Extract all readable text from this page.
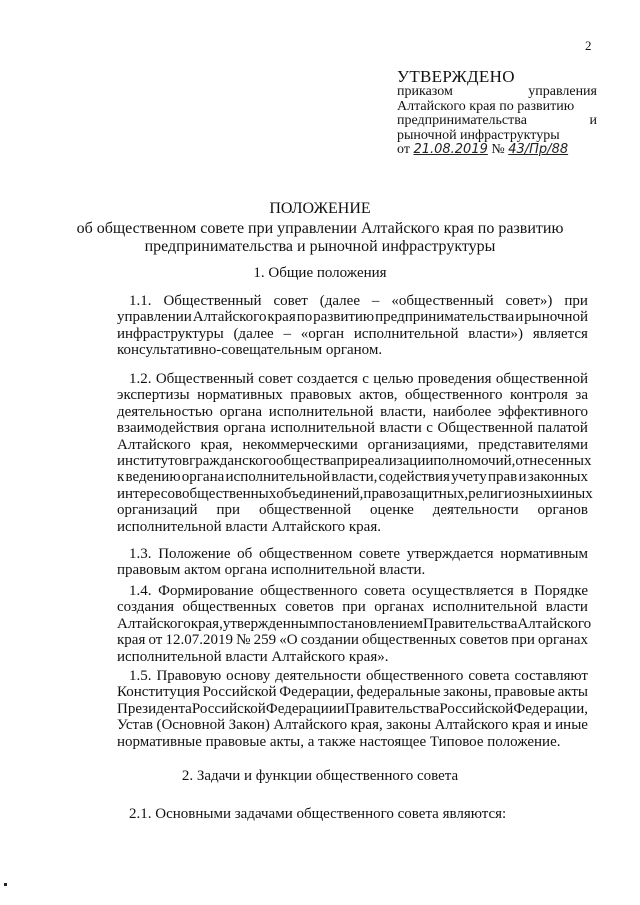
2
УТВЕРЖДЕНО
приказом	управления
Алтайского края по развитию
предпринимательства	и
рыночной инфраструктуры
от 21.08.2019 № 43/Пр/88
ПОЛОЖЕНИЕ
об общественном совете при управлении Алтайского края по развитию
предпринимательства и рыночной инфраструктуры
1. Общие положения
1.1. Общественный совет (далее – «общественный совет») при
управлении Алтайского края по развитию предпринимательства и рыночной
инфраструктуры (далее – «орган исполнительной власти») является
консультативно-совещательным органом.
1.2. Общественный совет создается с целью проведения общественной
экспертизы нормативных правовых актов, общественного контроля за
деятельностью органа исполнительной власти, наиболее эффективного
взаимодействия органа исполнительной власти с Общественной палатой
Алтайского края, некоммерческими организациями, представителями
институтов гражданского общества при реализации полномочий, отнесенных
к ведению органа исполнительной власти, содействия учету прав и законных
интересов общественных объединений, правозащитных, религиозных и иных
организаций при общественной оценке деятельности органов
исполнительной власти Алтайского края.
1.3. Положение об общественном совете утверждается нормативным
правовым актом органа исполнительной власти.
1.4. Формирование общественного совета осуществляется в Порядке
создания общественных советов при органах исполнительной власти
Алтайского края, утвержденным постановлением Правительства Алтайского
края от 12.07.2019 № 259 «О создании общественных советов при органах
исполнительной власти Алтайского края».
1.5. Правовую основу деятельности общественного совета составляют
Конституция Российской Федерации, федеральные законы, правовые акты
Президента Российской Федерации и Правительства Российской Федерации,
Устав (Основной Закон) Алтайского края, законы Алтайского края и иные
нормативные правовые акты, а также настоящее Типовое положение.
2. Задачи и функции общественного совета
2.1. Основными задачами общественного совета являются:
